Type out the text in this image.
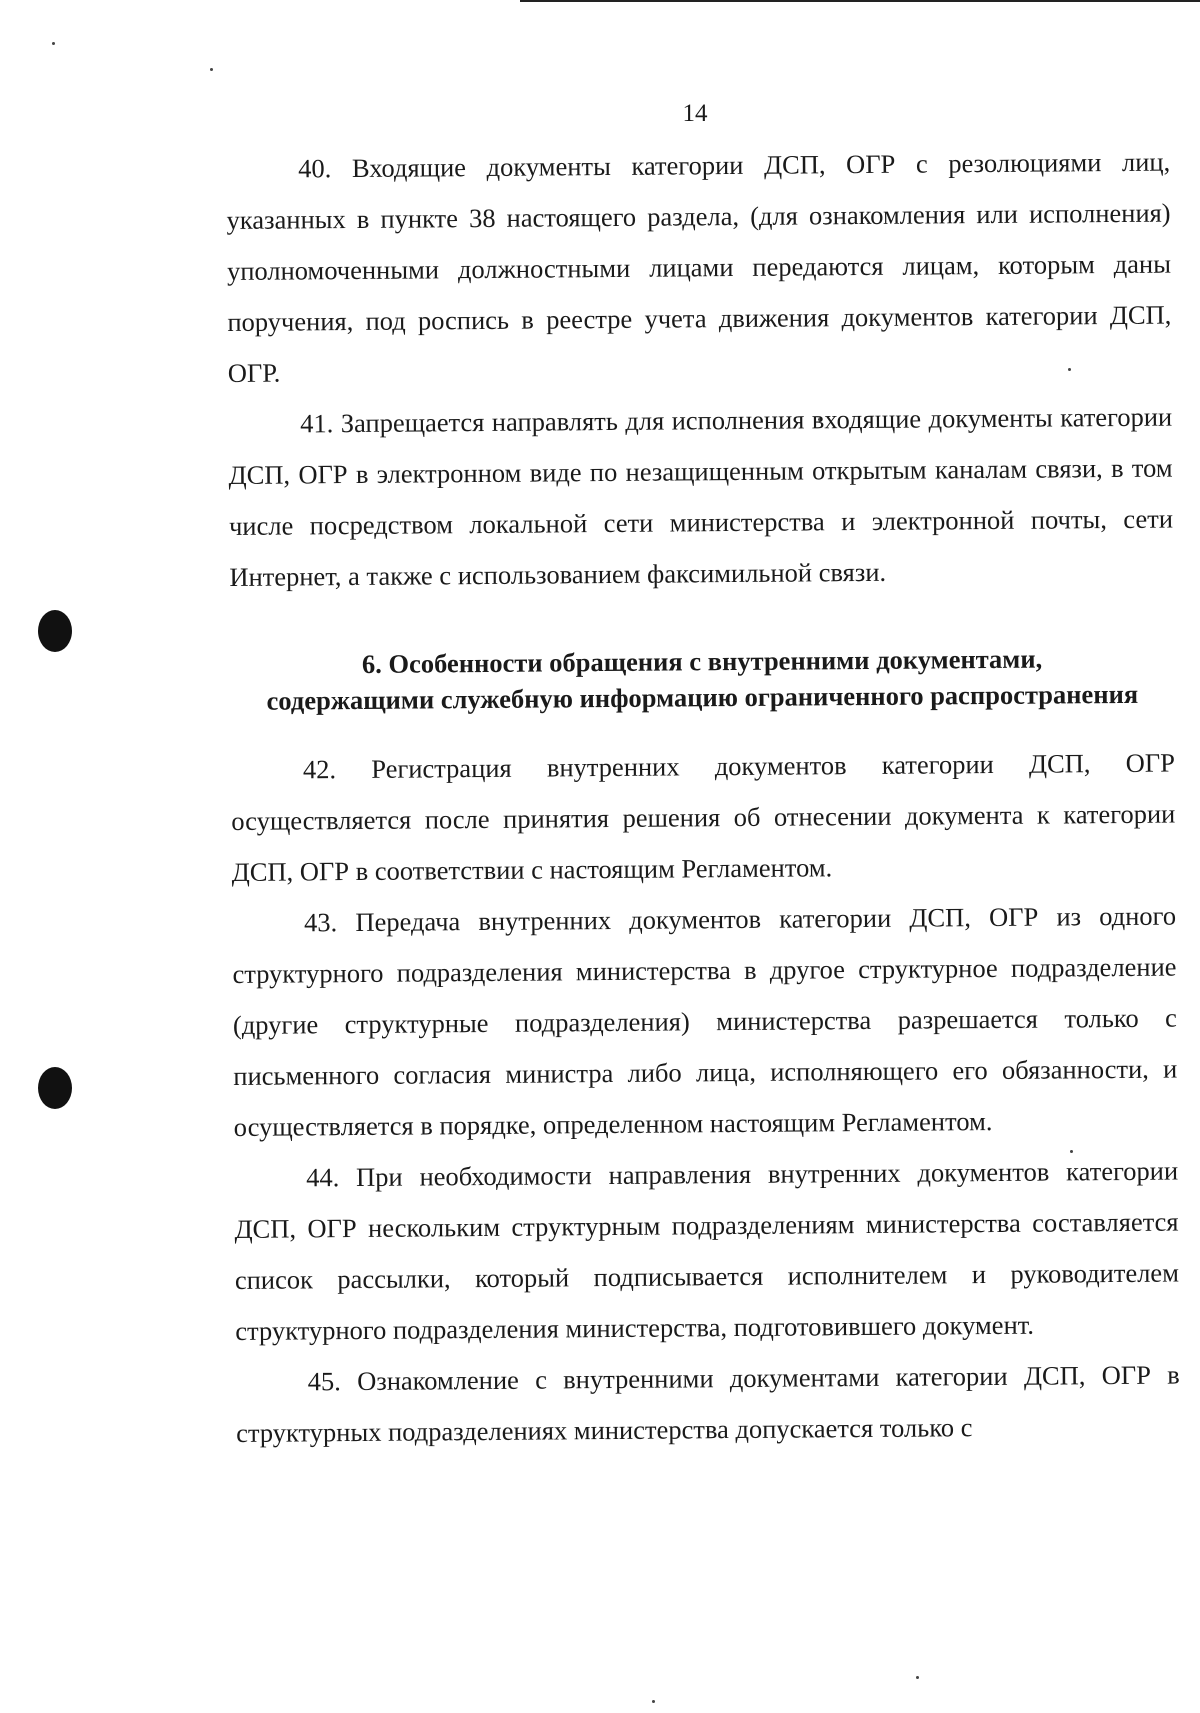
14

40. Входящие документы категории ДСП, ОГР с резолюциями лиц, указанных в пункте 38 настоящего раздела, (для ознакомления или исполнения) уполномоченными должностными лицами передаются лицам, которым даны поручения, под роспись в реестре учета движения документов категории ДСП, ОГР.

41. Запрещается направлять для исполнения входящие документы категории ДСП, ОГР в электронном виде по незащищенным открытым каналам связи, в том числе посредством локальной сети министерства и электронной почты, сети Интернет, а также с использованием факсимильной связи.

6. Особенности обращения с внутренними документами,
содержащими служебную информацию ограниченного распространения

42. Регистрация внутренних документов категории ДСП, ОГР осуществляется после принятия решения об отнесении документа к категории ДСП, ОГР в соответствии с настоящим Регламентом.

43. Передача внутренних документов категории ДСП, ОГР из одного структурного подразделения министерства в другое структурное подразделение (другие структурные подразделения) министерства разрешается только с письменного согласия министра либо лица, исполняющего его обязанности, и осуществляется в порядке, определенном настоящим Регламентом.

44. При необходимости направления внутренних документов категории ДСП, ОГР нескольким структурным подразделениям министерства составляется список рассылки, который подписывается исполнителем и руководителем структурного подразделения министерства, подготовившего документ.

45. Ознакомление с внутренними документами категории ДСП, ОГР в структурных подразделениях министерства допускается только с
